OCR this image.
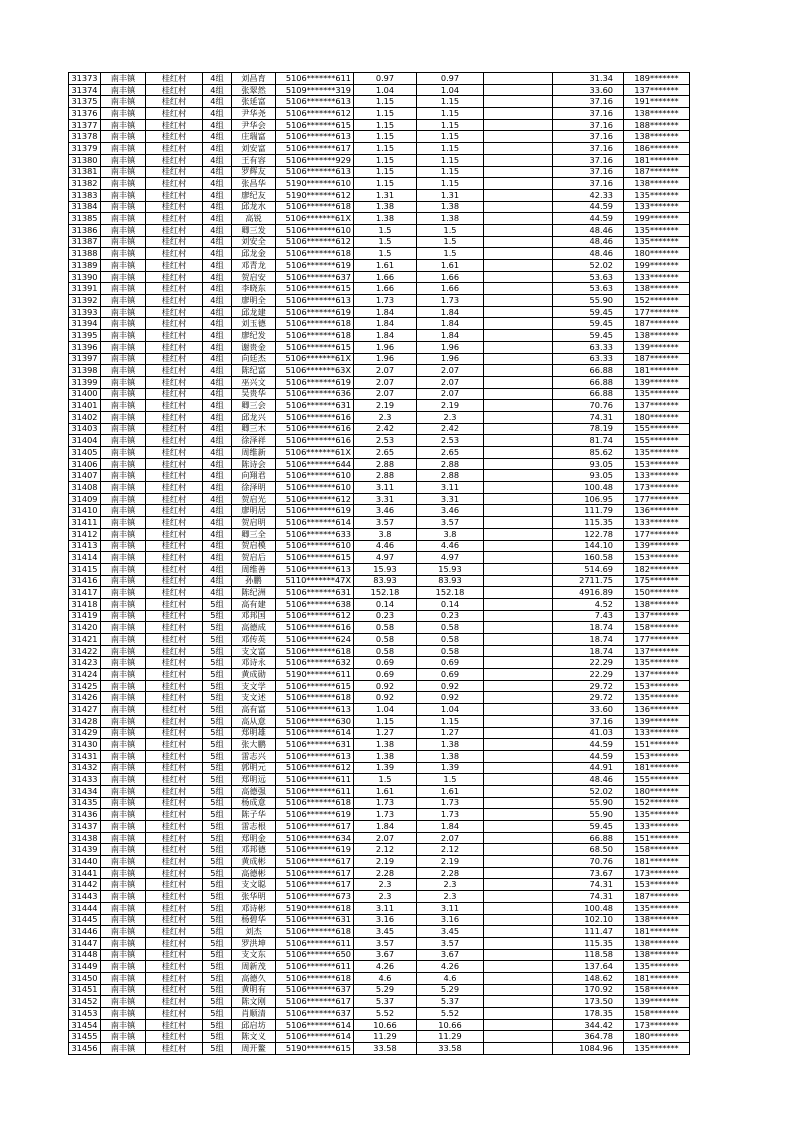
31373	南丰镇	桂红村	4组	刘昌育	5106*******611	0.97	0.97		31.34	189*******
31374	南丰镇	桂红村	4组	张翠然	5109*******319	1.04	1.04		33.60	137*******
31375	南丰镇	桂红村	4组	张延富	5106*******613	1.15	1.15		37.16	191*******
31376	南丰镇	桂红村	4组	尹华尧	5106*******612	1.15	1.15		37.16	138*******
31377	南丰镇	桂红村	4组	尹华会	5106*******615	1.15	1.15		37.16	188*******
31378	南丰镇	桂红村	4组	庄瑞富	5106*******613	1.15	1.15		37.16	138*******
31379	南丰镇	桂红村	4组	刘安富	5106*******617	1.15	1.15		37.16	186*******
31380	南丰镇	桂红村	4组	王有容	5106*******929	1.15	1.15		37.16	181*******
31381	南丰镇	桂红村	4组	罗辉友	5106*******613	1.15	1.15		37.16	187*******
31382	南丰镇	桂红村	4组	张昌华	5190*******610	1.15	1.15		37.16	138*******
31383	南丰镇	桂红村	4组	廖纪友	5190*******612	1.31	1.31		42.33	135*******
31384	南丰镇	桂红村	4组	邱龙水	5106*******618	1.38	1.38		44.59	133*******
31385	南丰镇	桂红村	4组	高锐	5106*******61X	1.38	1.38		44.59	199*******
31386	南丰镇	桂红村	4组	卿三发	5106*******610	1.5	1.5		48.46	135*******
31387	南丰镇	桂红村	4组	刘安全	5106*******612	1.5	1.5		48.46	135*******
31388	南丰镇	桂红村	4组	邱龙金	5106*******618	1.5	1.5		48.46	180*******
31389	南丰镇	桂红村	4组	邓青龙	5106*******619	1.61	1.61		52.02	199*******
31390	南丰镇	桂红村	4组	贺启安	5106*******637	1.66	1.66		53.63	133*******
31391	南丰镇	桂红村	4组	李晓东	5106*******615	1.66	1.66		53.63	138*******
31392	南丰镇	桂红村	4组	廖明全	5106*******613	1.73	1.73		55.90	152*******
31393	南丰镇	桂红村	4组	邱龙建	5106*******619	1.84	1.84		59.45	177*******
31394	南丰镇	桂红村	4组	刘玉德	5106*******618	1.84	1.84		59.45	187*******
31395	南丰镇	桂红村	4组	廖纪发	5106*******618	1.84	1.84		59.45	138*******
31396	南丰镇	桂红村	4组	谢贵金	5106*******615	1.96	1.96		63.33	139*******
31397	南丰镇	桂红村	4组	向廷杰	5106*******61X	1.96	1.96		63.33	187*******
31398	南丰镇	桂红村	4组	陈纪富	5106*******63X	2.07	2.07		66.88	181*******
31399	南丰镇	桂红村	4组	巫兴文	5106*******619	2.07	2.07		66.88	139*******
31400	南丰镇	桂红村	4组	吴贵华	5106*******636	2.07	2.07		66.88	135*******
31401	南丰镇	桂红村	4组	卿三会	5106*******631	2.19	2.19		70.76	137*******
31402	南丰镇	桂红村	4组	邱龙兴	5106*******616	2.3	2.3		74.31	180*******
31403	南丰镇	桂红村	4组	卿三木	5106*******616	2.42	2.42		78.19	155*******
31404	南丰镇	桂红村	4组	徐泽祥	5106*******616	2.53	2.53		81.74	155*******
31405	南丰镇	桂红村	4组	周维新	5106*******61X	2.65	2.65		85.62	135*******
31406	南丰镇	桂红村	4组	陈诗会	5106*******644	2.88	2.88		93.05	153*******
31407	南丰镇	桂红村	4组	向翔君	5106*******610	2.88	2.88		93.05	133*******
31408	南丰镇	桂红村	4组	徐泽明	5106*******610	3.11	3.11		100.48	173*******
31409	南丰镇	桂红村	4组	贺启光	5106*******612	3.31	3.31		106.95	177*******
31410	南丰镇	桂红村	4组	廖明居	5106*******619	3.46	3.46		111.79	136*******
31411	南丰镇	桂红村	4组	贺启明	5106*******614	3.57	3.57		115.35	133*******
31412	南丰镇	桂红村	4组	卿三全	5106*******633	3.8	3.8		122.78	177*******
31413	南丰镇	桂红村	4组	贺启模	5106*******610	4.46	4.46		144.10	139*******
31414	南丰镇	桂红村	4组	贺启后	5106*******615	4.97	4.97		160.58	153*******
31415	南丰镇	桂红村	4组	周维善	5106*******613	15.93	15.93		514.69	182*******
31416	南丰镇	桂红村	4组	孙鹏	5110*******47X	83.93	83.93		2711.75	175*******
31417	南丰镇	桂红村	4组	陈纪洲	5106*******631	152.18	152.18		4916.89	150*******
31418	南丰镇	桂红村	5组	高有建	5106*******638	0.14	0.14		4.52	138*******
31419	南丰镇	桂红村	5组	邓邦国	5106*******612	0.23	0.23		7.43	137*******
31420	南丰镇	桂红村	5组	高德成	5106*******616	0.58	0.58		18.74	158*******
31421	南丰镇	桂红村	5组	邓传英	5106*******624	0.58	0.58		18.74	177*******
31422	南丰镇	桂红村	5组	支文富	5106*******618	0.58	0.58		18.74	137*******
31423	南丰镇	桂红村	5组	邓诗永	5106*******632	0.69	0.69		22.29	135*******
31424	南丰镇	桂红村	5组	黄成勋	5190*******611	0.69	0.69		22.29	137*******
31425	南丰镇	桂红村	5组	支文学	5106*******615	0.92	0.92		29.72	153*******
31426	南丰镇	桂红村	5组	支文述	5106*******618	0.92	0.92		29.72	135*******
31427	南丰镇	桂红村	5组	高有富	5106*******613	1.04	1.04		33.60	136*******
31428	南丰镇	桂红村	5组	高从意	5106*******630	1.15	1.15		37.16	139*******
31429	南丰镇	桂红村	5组	郑明雄	5106*******614	1.27	1.27		41.03	133*******
31430	南丰镇	桂红村	5组	张大鹏	5106*******631	1.38	1.38		44.59	151*******
31431	南丰镇	桂红村	5组	雷志兴	5106*******613	1.38	1.38		44.59	153*******
31432	南丰镇	桂红村	5组	郭明元	5106*******612	1.39	1.39		44.91	181*******
31433	南丰镇	桂红村	5组	郑明远	5106*******611	1.5	1.5		48.46	155*******
31434	南丰镇	桂红村	5组	高德强	5106*******611	1.61	1.61		52.02	180*******
31435	南丰镇	桂红村	5组	杨成意	5106*******618	1.73	1.73		55.90	152*******
31436	南丰镇	桂红村	5组	陈子华	5106*******619	1.73	1.73		55.90	135*******
31437	南丰镇	桂红村	5组	雷志根	5106*******617	1.84	1.84		59.45	133*******
31438	南丰镇	桂红村	5组	郑明金	5106*******634	2.07	2.07		66.88	151*******
31439	南丰镇	桂红村	5组	邓邦德	5106*******619	2.12	2.12		68.50	158*******
31440	南丰镇	桂红村	5组	黄成彬	5106*******617	2.19	2.19		70.76	181*******
31441	南丰镇	桂红村	5组	高德彬	5106*******617	2.28	2.28		73.67	173*******
31442	南丰镇	桂红村	5组	支文聪	5106*******617	2.3	2.3		74.31	153*******
31443	南丰镇	桂红村	5组	张华明	5106*******673	2.3	2.3		74.31	187*******
31444	南丰镇	桂红村	5组	邓诗彬	5190*******618	3.11	3.11		100.48	135*******
31445	南丰镇	桂红村	5组	杨碧华	5106*******631	3.16	3.16		102.10	138*******
31446	南丰镇	桂红村	5组	刘杰	5106*******618	3.45	3.45		111.47	181*******
31447	南丰镇	桂红村	5组	罗洪坤	5106*******611	3.57	3.57		115.35	138*******
31448	南丰镇	桂红村	5组	支文东	5106*******650	3.67	3.67		118.58	138*******
31449	南丰镇	桂红村	5组	周新茂	5106*******611	4.26	4.26		137.64	135*******
31450	南丰镇	桂红村	5组	高德久	5106*******618	4.6	4.6		148.62	181*******
31451	南丰镇	桂红村	5组	黄明有	5106*******637	5.29	5.29		170.92	158*******
31452	南丰镇	桂红村	5组	陈文刚	5106*******617	5.37	5.37		173.50	139*******
31453	南丰镇	桂红村	5组	肖顺清	5106*******637	5.52	5.52		178.35	158*******
31454	南丰镇	桂红村	5组	邱启坊	5106*******614	10.66	10.66		344.42	173*******
31455	南丰镇	桂红村	5组	陈文义	5106*******614	11.29	11.29		364.78	180*******
31456	南丰镇	桂红村	5组	周开鳌	5190*******615	33.58	33.58		1084.96	135*******
